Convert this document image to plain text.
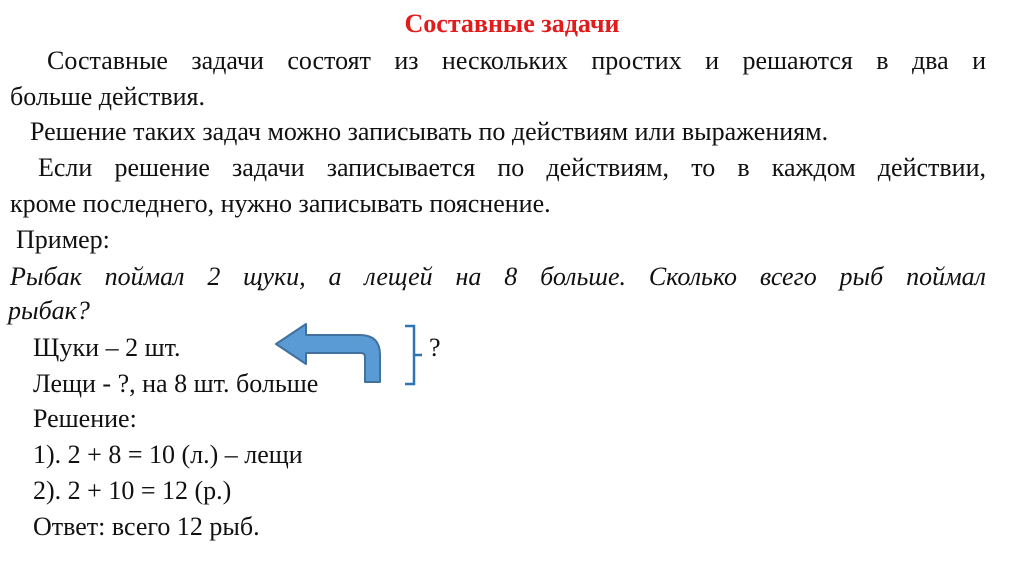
Составные задачи
Составные задачи состоят из нескольких простих и решаются в два и
больше действия.
Решение таких задач можно записывать по действиям или выражениям.
Если решение задачи записывается по действиям, то в каждом действии,
кроме последнего, нужно записывать пояснение.
Пример:
Рыбак поймал 2 щуки, а лещей на 8 больше. Сколько всего рыб поймал
рыбак?
Щуки – 2 шт.
Лещи - ?, на 8 шт. больше
?
Решение:
1). 2 + 8 = 10 (л.) – лещи
2). 2 + 10 = 12 (р.)
Ответ: всего 12 рыб.
